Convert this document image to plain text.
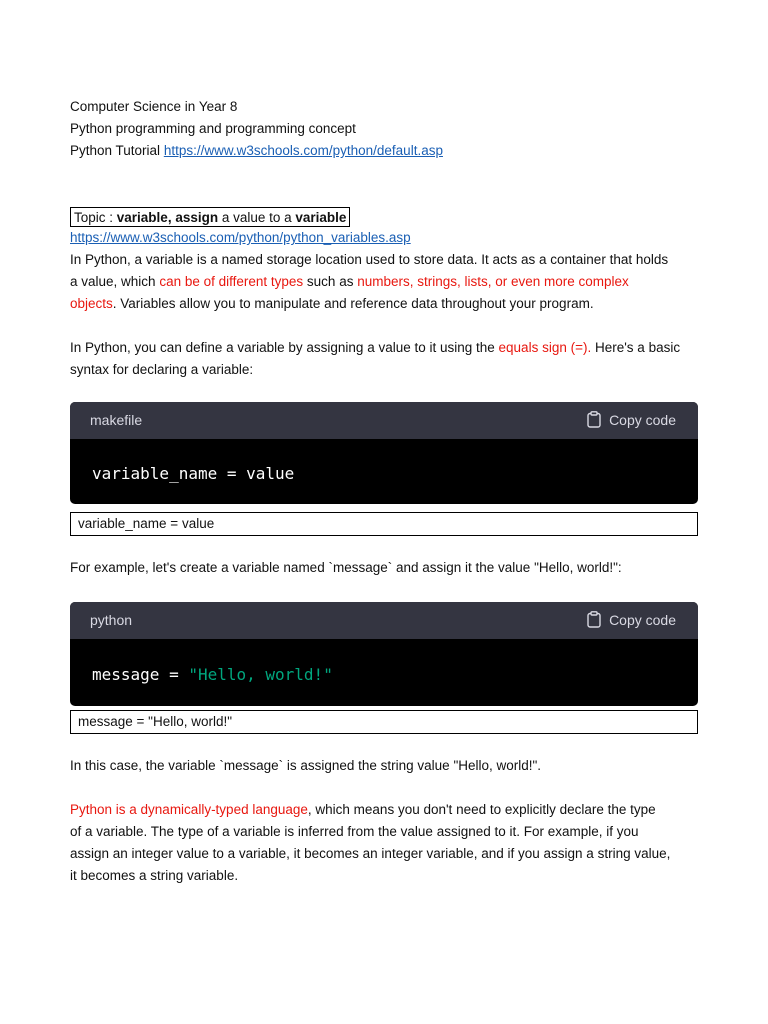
Computer Science in Year 8
Python programming and programming concept
Python Tutorial https://www.w3schools.com/python/default.asp
Topic : variable, assign a value to a variable
https://www.w3schools.com/python/python_variables.asp
In Python, a variable is a named storage location used to store data. It acts as a container that holds
a value, which can be of different types such as numbers, strings, lists, or even more complex
objects. Variables allow you to manipulate and reference data throughout your program.
In Python, you can define a variable by assigning a value to it using the equals sign (=). Here's a basic
syntax for declaring a variable:
makefile	Copy code
variable_name = value
variable_name = value
For example, let's create a variable named `message` and assign it the value "Hello, world!":
python	Copy code
message = "Hello, world!"
message = "Hello, world!"
In this case, the variable `message` is assigned the string value "Hello, world!".
Python is a dynamically-typed language, which means you don't need to explicitly declare the type
of a variable. The type of a variable is inferred from the value assigned to it. For example, if you
assign an integer value to a variable, it becomes an integer variable, and if you assign a string value,
it becomes a string variable.
